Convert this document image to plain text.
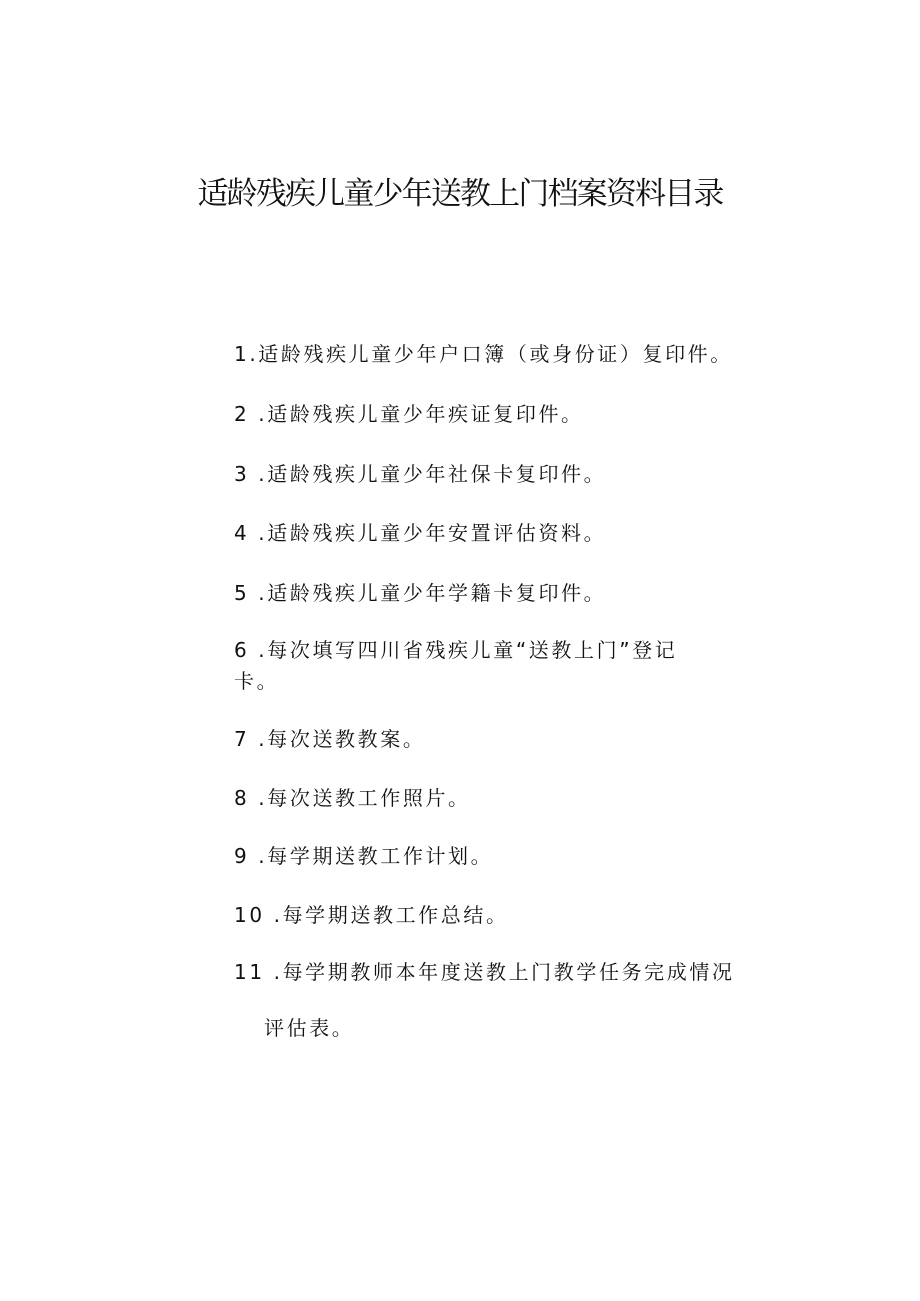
适龄残疾儿童少年送教上门档案资料目录
1.适龄残疾儿童少年户口簿（或身份证）复印件。
2 .适龄残疾儿童少年疾证复印件。
3 .适龄残疾儿童少年社保卡复印件。
4 .适龄残疾儿童少年安置评估资料。
5 .适龄残疾儿童少年学籍卡复印件。
6 .每次填写四川省残疾儿童“送教上门”登记
卡。
7 .每次送教教案。
8 .每次送教工作照片。
9 .每学期送教工作计划。
10 .每学期送教工作总结。
11 .每学期教师本年度送教上门教学任务完成情况
评估表。
